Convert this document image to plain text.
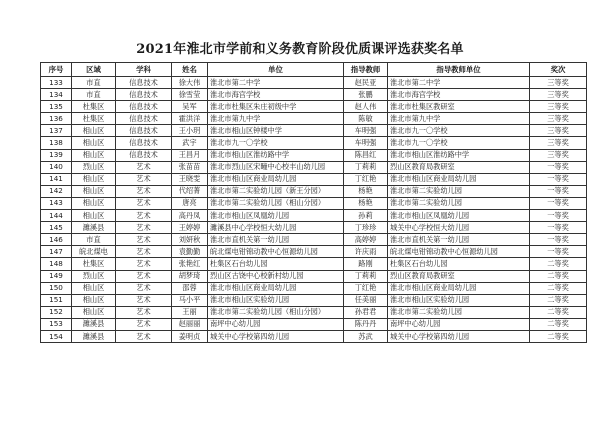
2021年淮北市学前和义务教育阶段优质课评选获奖名单
序号	区域	学科	姓名	单位	指导教师	指导教师单位	奖次
133	市直	信息技术	徐大伟	淮北市第二中学	赵民亚	淮北市第二中学	三等奖
134	市直	信息技术	徐雪莹	淮北市海宫学校	张鹏	淮北市海宫学校	三等奖
135	杜集区	信息技术	吴军	淮北市杜集区朱庄初级中学	赵人伟	淮北市杜集区教研室	三等奖
136	杜集区	信息技术	霍洪洋	淮北市第九中学	陈敏	淮北市第九中学	三等奖
137	相山区	信息技术	王小玥	淮北市相山区钟楼中学	车明强	淮北市九一〇学校	三等奖
138	相山区	信息技术	武宇	淮北市九一〇学校	车明强	淮北市九一〇学校	三等奖
139	相山区	信息技术	王昌月	淮北市相山区淮纺路中学	陈昌红	淮北市相山区淮纺路中学	三等奖
140	烈山区	艺术	张苗苗	淮北市烈山区宋疃中心校丰山幼儿园	丁莉莉	烈山区教育局教研室	一等奖
141	相山区	艺术	王晓雯	淮北市相山区商业局幼儿园	丁红艳	淮北市相山区商业局幼儿园	一等奖
142	相山区	艺术	代绍菁	淮北市第二实验幼儿园（新王分园）	杨艳	淮北市第二实验幼儿园	一等奖
143	相山区	艺术	唐亮	淮北市第二实验幼儿园（相山分园）	杨艳	淮北市第二实验幼儿园	一等奖
144	相山区	艺术	高丹凤	淮北市相山区凤凰幼儿园	孙莉	淮北市相山区凤凰幼儿园	一等奖
145	濉溪县	艺术	王婷婷	濉溪县中心学校恒大幼儿园	丁珍珍	城关中心学校恒大幼儿园	一等奖
146	市直	艺术	刘妍秋	淮北市直机关第一幼儿园	高婷婷	淮北市直机关第一幼儿园	一等奖
147	皖北煤电	艺术	袁勤勤	皖北煤电钳锦动教中心恒源幼儿园	许庆雨	皖北煤电钳锦动教中心恒源幼儿园	一等奖
148	杜集区	艺术	张艳红	杜集区石台幼儿园	路刚	杜集区石台幼儿园	二等奖
149	烈山区	艺术	胡梦琦	烈山区古饶中心校新村幼儿园	丁莉莉	烈山区教育局教研室	二等奖
150	相山区	艺术	邵蓉	淮北市相山区商业局幼儿园	丁红艳	淮北市相山区商业局幼儿园	二等奖
151	相山区	艺术	马小平	淮北市相山区实验幼儿园	任美丽	淮北市相山区实验幼儿园	二等奖
152	相山区	艺术	王丽	淮北市第二实验幼儿园（相山分园）	孙君君	淮北市第二实验幼儿园	二等奖
153	濉溪县	艺术	赵丽丽	南坪中心幼儿园	陈丹丹	南坪中心幼儿园	二等奖
154	濉溪县	艺术	姜明贞	城关中心学校第四幼儿园	苏武	城关中心学校第四幼儿园	二等奖
